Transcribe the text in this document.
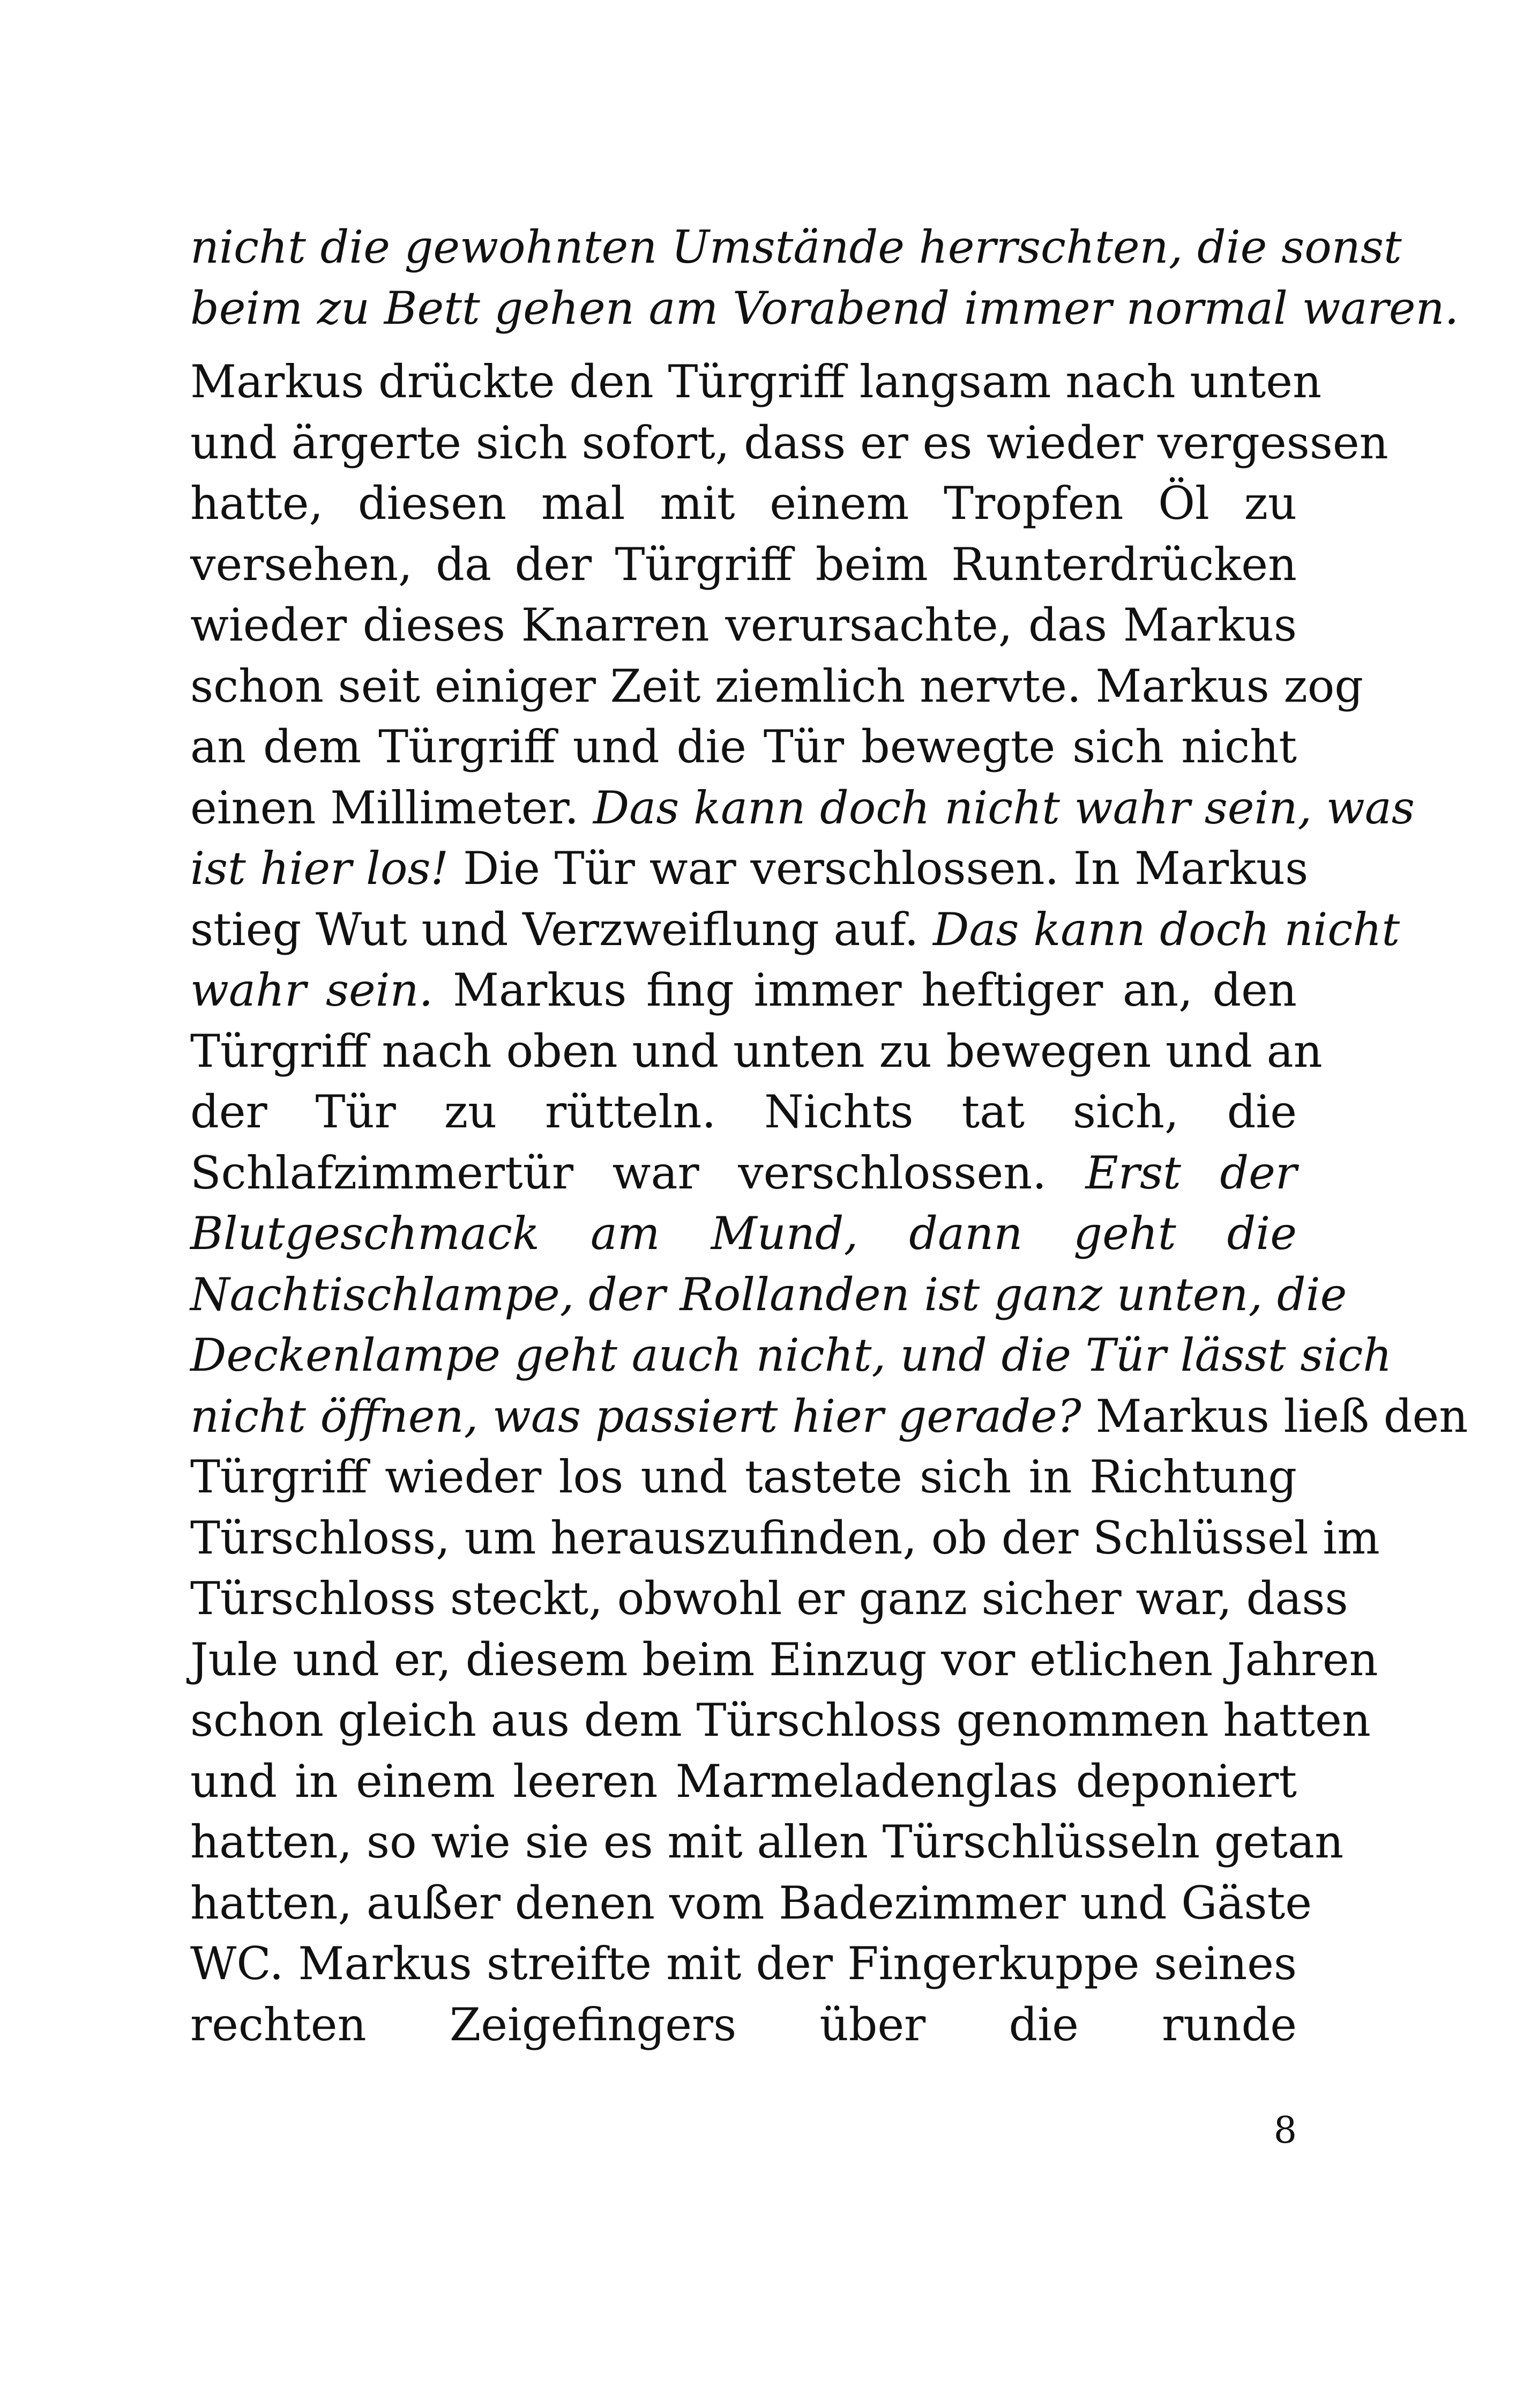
nicht die gewohnten Umstände herrschten, die sonst
beim zu Bett gehen am Vorabend immer normal waren.
Markus drückte den Türgriff langsam nach unten
und ärgerte sich sofort, dass er es wieder vergessen
hatte, diesen mal mit einem Tropfen Öl zu
versehen, da der Türgriff beim Runterdrücken
wieder dieses Knarren verursachte, das Markus
schon seit einiger Zeit ziemlich nervte. Markus zog
an dem Türgriff und die Tür bewegte sich nicht
einen Millimeter. Das kann doch nicht wahr sein, was
ist hier los! Die Tür war verschlossen. In Markus
stieg Wut und Verzweiflung auf. Das kann doch nicht
wahr sein. Markus fing immer heftiger an, den
Türgriff nach oben und unten zu bewegen und an
der Tür zu rütteln. Nichts tat sich, die
Schlafzimmertür war verschlossen. Erst der
Blutgeschmack am Mund, dann geht die
Nachtischlampe, der Rollanden ist ganz unten, die
Deckenlampe geht auch nicht, und die Tür lässt sich
nicht öffnen, was passiert hier gerade? Markus ließ den
Türgriff wieder los und tastete sich in Richtung
Türschloss, um herauszufinden, ob der Schlüssel im
Türschloss steckt, obwohl er ganz sicher war, dass
Jule und er, diesem beim Einzug vor etlichen Jahren
schon gleich aus dem Türschloss genommen hatten
und in einem leeren Marmeladenglas deponiert
hatten, so wie sie es mit allen Türschlüsseln getan
hatten, außer denen vom Badezimmer und Gäste
WC. Markus streifte mit der Fingerkuppe seines
rechten Zeigefingers über die runde
8
